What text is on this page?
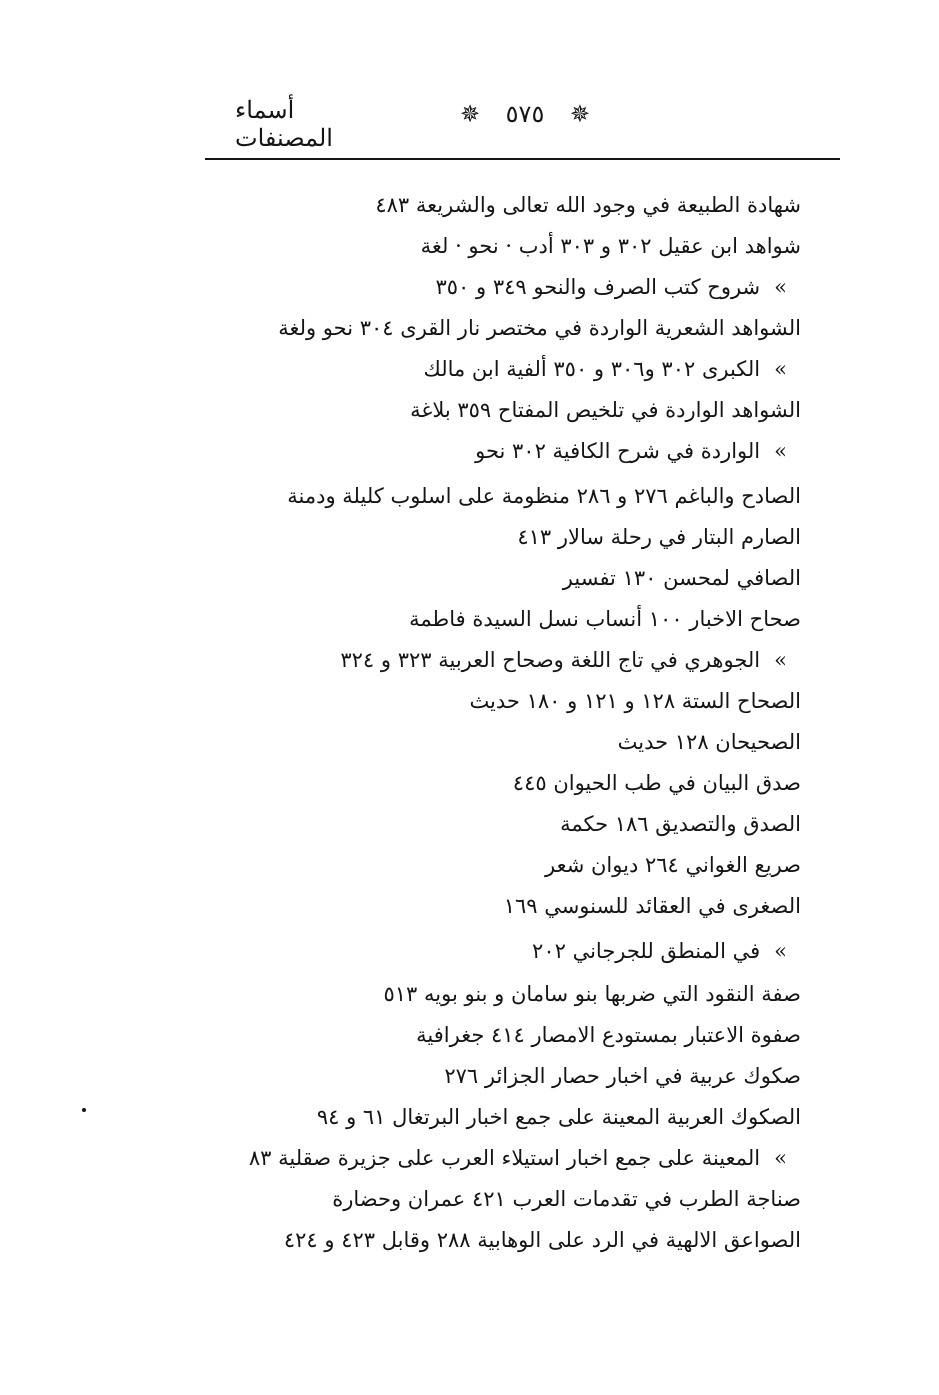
أسماء المصنفات
✵ ٥٧٥ ✵
شهادة الطبيعة في وجود الله تعالى والشريعة ٤٨٣
شواهد ابن عقيل ٣٠٢ و ٣٠٣ أدب · نحو · لغة
»شروح كتب الصرف والنحو ٣٤٩ و ٣٥٠
الشواهد الشعرية الواردة في مختصر نار القرى ٣٠٤ نحو ولغة
»الكبرى ٣٠٢ و٣٠٦ و ٣٥٠ ألفية ابن مالك
الشواهد الواردة في تلخيص المفتاح ٣٥٩ بلاغة
»الواردة في شرح الكافية ٣٠٢ نحو
الصادح والباغم ٢٧٦ و ٢٨٦ منظومة على اسلوب كليلة ودمنة
الصارم البتار في رحلة سالار ٤١٣
الصافي لمحسن ١٣٠ تفسير
صحاح الاخبار ١٠٠ أنساب نسل السيدة فاطمة
»الجوهري في تاج اللغة وصحاح العربية ٣٢٣ و ٣٢٤
الصحاح الستة ١٢٨ و ١٢١ و ١٨٠ حديث
الصحيحان ١٢٨ حديث
صدق البيان في طب الحيوان ٤٤٥
الصدق والتصديق ١٨٦ حكمة
صريع الغواني ٢٦٤ ديوان شعر
الصغرى في العقائد للسنوسي ١٦٩
»في المنطق للجرجاني ٢٠٢
صفة النقود التي ضربها بنو سامان و بنو بويه ٥١٣
صفوة الاعتبار بمستودع الامصار ٤١٤ جغرافية
صكوك عربية في اخبار حصار الجزائر ٢٧٦
الصكوك العربية المعينة على جمع اخبار البرتغال ٦١ و ٩٤
»المعينة على جمع اخبار استيلاء العرب على جزيرة صقلية ٨٣
صناجة الطرب في تقدمات العرب ٤٢١ عمران وحضارة
الصواعق الالهية في الرد على الوهابية ٢٨٨ وقابل ٤٢٣ و ٤٢٤
